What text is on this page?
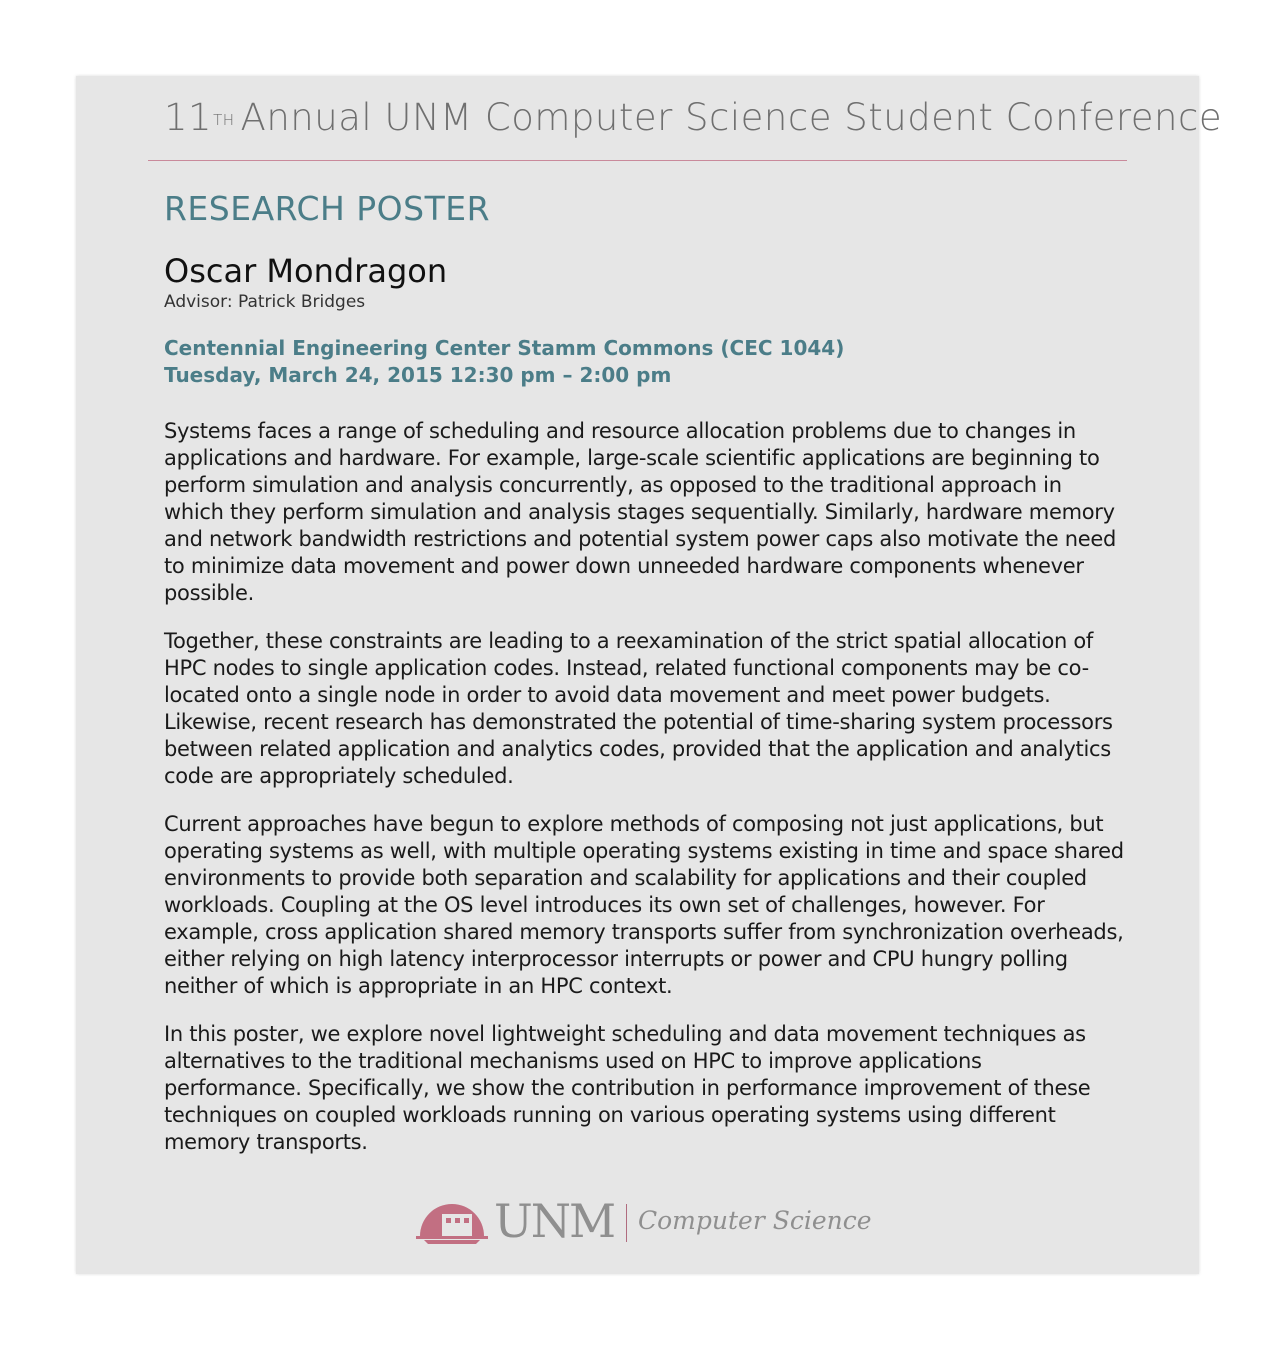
11TH Annual UNM Computer Science Student Conference
RESEARCH POSTER
Oscar Mondragon
Advisor: Patrick Bridges
Centennial Engineering Center Stamm Commons (CEC 1044)
Tuesday, March 24, 2015 12:30 pm – 2:00 pm

Systems faces a range of scheduling and resource allocation problems due to changes in applications and hardware. For example, large-scale scientific applications are beginning to perform simulation and analysis concurrently, as opposed to the traditional approach in which they perform simulation and analysis stages sequentially. Similarly, hardware memory and network bandwidth restrictions and potential system power caps also motivate the need to minimize data movement and power down unneeded hardware components whenever possible.

Together, these constraints are leading to a reexamination of the strict spatial allocation of HPC nodes to single application codes. Instead, related functional components may be co-located onto a single node in order to avoid data movement and meet power budgets. Likewise, recent research has demonstrated the potential of time-sharing system processors between related application and analytics codes, provided that the application and analytics code are appropriately scheduled.

Current approaches have begun to explore methods of composing not just applications, but operating systems as well, with multiple operating systems existing in time and space shared environments to provide both separation and scalability for applications and their coupled workloads. Coupling at the OS level introduces its own set of challenges, however. For example, cross application shared memory transports suffer from synchronization overheads, either relying on high latency interprocessor interrupts or power and CPU hungry polling neither of which is appropriate in an HPC context.

In this poster, we explore novel lightweight scheduling and data movement techniques as alternatives to the traditional mechanisms used on HPC to improve applications performance. Specifically, we show the contribution in performance improvement of these techniques on coupled workloads running on various operating systems using different memory transports.

UNM Computer Science
